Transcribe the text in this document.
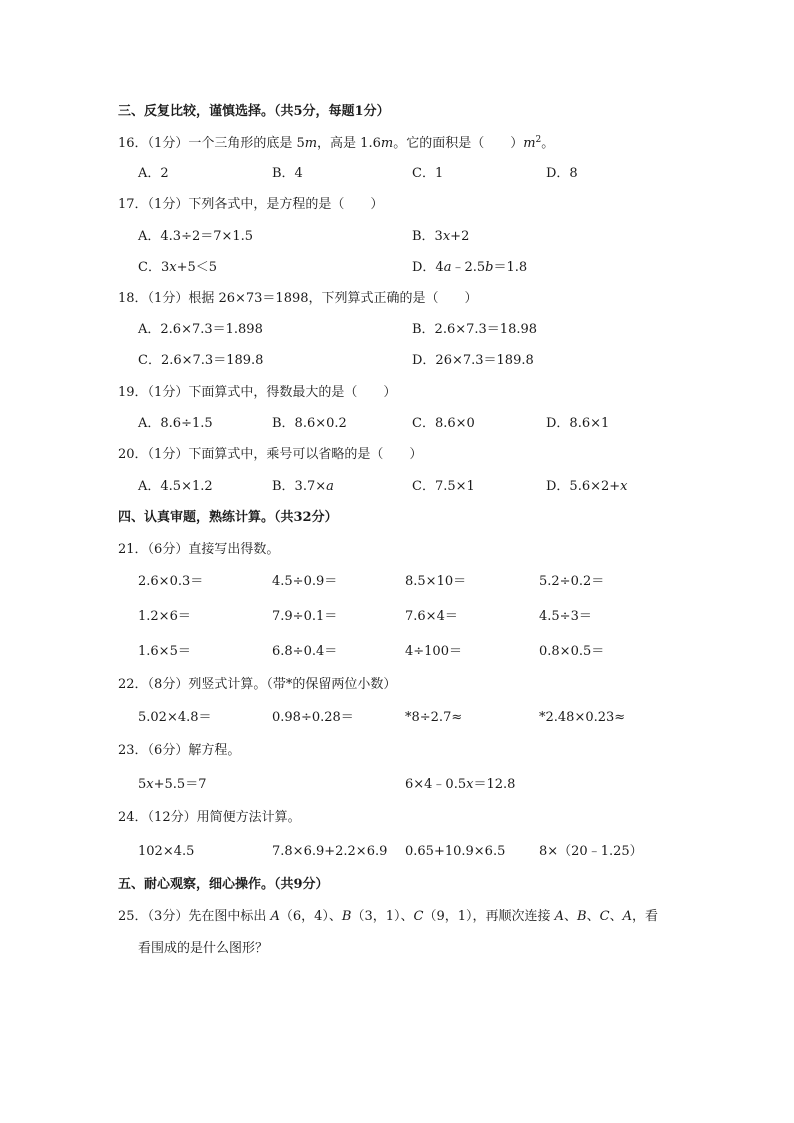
三、反复比较，谨慎选择。（共5分，每题1分）
16．（1分）一个三角形的底是 5m，高是 1.6m。它的面积是（　　）$m^2$。
A．2	B．4	C．1	D．8
17．（1分）下列各式中，是方程的是（　　）
A．4.3÷2＝7×1.5	B．3x+2
C．3x+5＜5	D．4a﹣2.5b＝1.8
18．（1分）根据 26×73＝1898，下列算式正确的是（　　）
A．2.6×7.3＝1.898	B．2.6×7.3＝18.98
C．2.6×7.3＝189.8	D．26×7.3＝189.8
19．（1分）下面算式中，得数最大的是（　　）
A．8.6÷1.5	B．8.6×0.2	C．8.6×0	D．8.6×1
20．（1分）下面算式中，乘号可以省略的是（　　）
A．4.5×1.2	B．3.7×a	C．7.5×1	D．5.6×2+x
四、认真审题，熟练计算。（共32分）
21．（6分）直接写出得数。
2.6×0.3＝	4.5÷0.9＝	8.5×10＝	5.2÷0.2＝
1.2×6＝	7.9÷0.1＝	7.6×4＝	4.5÷3＝
1.6×5＝	6.8÷0.4＝	4÷100＝	0.8×0.5＝
22．（8分）列竖式计算。（带*的保留两位小数）
5.02×4.8＝	0.98÷0.28＝	*8÷2.7≈	*2.48×0.23≈
23．（6分）解方程。
5x+5.5＝7	6×4﹣0.5x＝12.8
24．（12分）用简便方法计算。
102×4.5	7.8×6.9+2.2×6.9 0.65+10.9×6.5	8×（20﹣1.25）
五、耐心观察，细心操作。（共9分）
25．（3分）先在图中标出 A（6，4）、B（3，1）、C（9，1），再顺次连接 A、B、C、A，看
看围成的是什么图形？
